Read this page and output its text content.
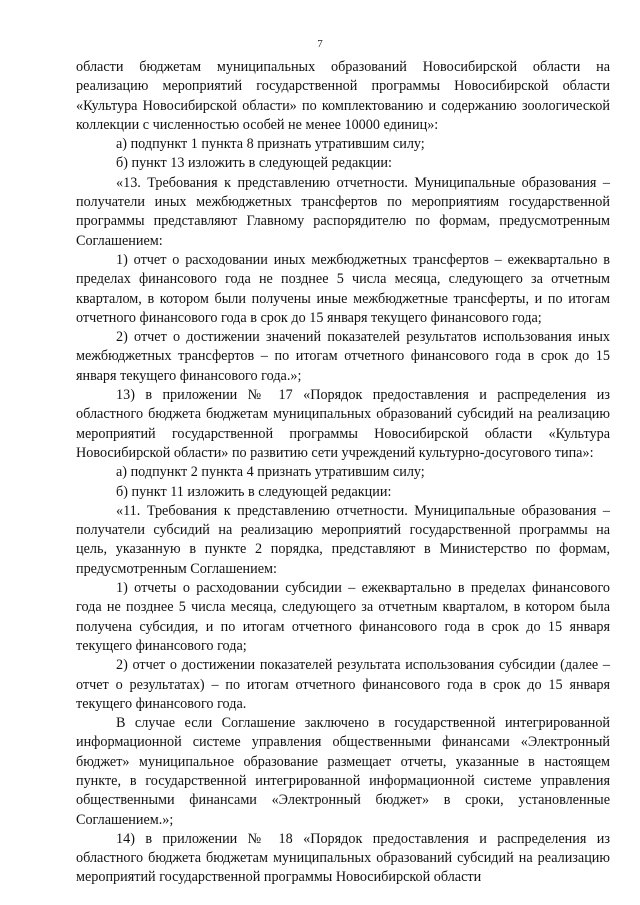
7

области бюджетам муниципальных образований Новосибирской области на реализацию мероприятий государственной программы Новосибирской области «Культура Новосибирской области» по комплектованию и содержанию зоологической коллекции с численностью особей не менее 10000 единиц»:

а) подпункт 1 пункта 8 признать утратившим силу;

б) пункт 13 изложить в следующей редакции:

«13. Требования к представлению отчетности. Муниципальные образования – получатели иных межбюджетных трансфертов по мероприятиям государственной программы представляют Главному распорядителю по формам, предусмотренным Соглашением:

1) отчет о расходовании иных межбюджетных трансфертов – ежеквартально в пределах финансового года не позднее 5 числа месяца, следующего за отчетным кварталом, в котором были получены иные межбюджетные трансферты, и по итогам отчетного финансового года в срок до 15 января текущего финансового года;

2) отчет о достижении значений показателей результатов использования иных межбюджетных трансфертов – по итогам отчетного финансового года в срок до 15 января текущего финансового года.»;

13) в приложении № 17 «Порядок предоставления и распределения из областного бюджета бюджетам муниципальных образований субсидий на реализацию мероприятий государственной программы Новосибирской области «Культура Новосибирской области» по развитию сети учреждений культурно-досугового типа»:

а) подпункт 2 пункта 4 признать утратившим силу;

б) пункт 11 изложить в следующей редакции:

«11. Требования к представлению отчетности. Муниципальные образования – получатели субсидий на реализацию мероприятий государственной программы на цель, указанную в пункте 2 порядка, представляют в Министерство по формам, предусмотренным Соглашением:

1) отчеты о расходовании субсидии – ежеквартально в пределах финансового года не позднее 5 числа месяца, следующего за отчетным кварталом, в котором была получена субсидия, и по итогам отчетного финансового года в срок до 15 января текущего финансового года;

2) отчет о достижении показателей результата использования субсидии (далее – отчет о результатах) – по итогам отчетного финансового года в срок до 15 января текущего финансового года.

В случае если Соглашение заключено в государственной интегрированной информационной системе управления общественными финансами «Электронный бюджет» муниципальное образование размещает отчеты, указанные в настоящем пункте, в государственной интегрированной информационной системе управления общественными финансами «Электронный бюджет» в сроки, установленные Соглашением.»;

14) в приложении № 18 «Порядок предоставления и распределения из областного бюджета бюджетам муниципальных образований субсидий на реализацию мероприятий государственной программы Новосибирской области
